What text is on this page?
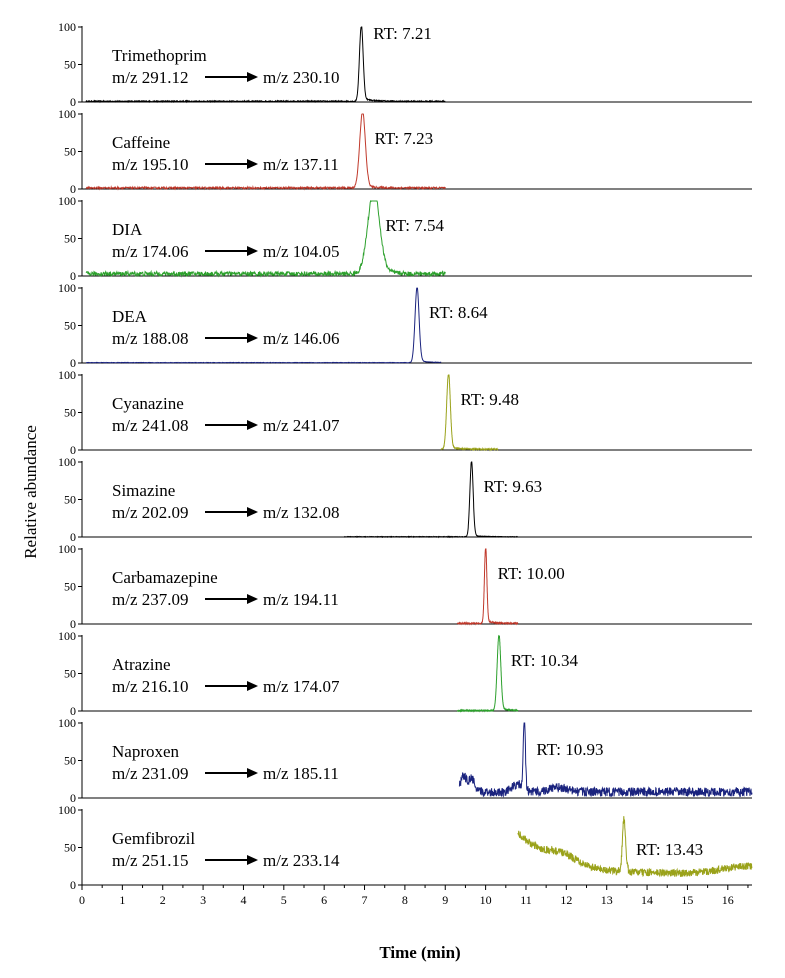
0
50
100
Trimethoprim
m/z 291.12	m/z 230.10
RT: 7.21
0
50
100
Caffeine
m/z 195.10	m/z 137.11
RT: 7.23
0
50
100
DIA
m/z 174.06	m/z 104.05
RT: 7.54
0
50
100
DEA
m/z 188.08	m/z 146.06
RT: 8.64
0
50
100
Cyanazine
m/z 241.08	m/z 241.07
RT: 9.48
0
50
100
Simazine
m/z 202.09	m/z 132.08
RT: 9.63
0
50
100
Carbamazepine
m/z 237.09	m/z 194.11
RT: 10.00
0
50
100
Atrazine
m/z 216.10	m/z 174.07
RT: 10.34
0
50
100
Naproxen
m/z 231.09	m/z 185.11
RT: 10.93
0
50
100
Gemfibrozil
m/z 251.15	m/z 233.14
RT: 13.43
0	1	2	3	4	5	6	7	8	9	10 11 12 13 14 15 16
Time (min)
Relative abundance
